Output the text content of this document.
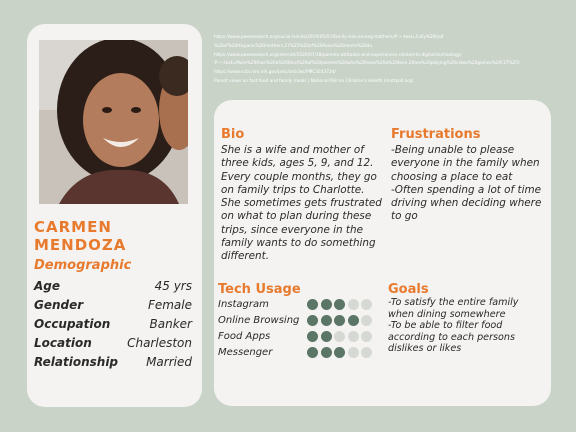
CARMEN MENDOZA
Demographic
Age	45 yrs
Gender	Female
Occupation	Banker
Location	Charleston
Relationship Married
https://www.pewresearch.org/social-trends/2019/05/07/family-size-among-mothers/#:~:text=Fully%20half
%20of%20Hispanic%20mothers,27%25%20of%20Asian%20moms%20do.
https://www.pewresearch.org/internet/2020/07/28/parents-attitudes-and-experiences-related-to-digital-technology/
#:~:text=More%20than%20a%20third%20of%20parents%20who%20have%20a%20teen,20are%20playing%20video%20games%20(37%25).
https://www.ncbi.nlm.nih.gov/pmc/articles/PMC3243724/
Parent views on fast food and family meals | National Poll on Children's Health (mottpoll.org)
Bio
She is a wife and mother of three kids, ages 5, 9, and 12. Every couple months, they go on family trips to Charlotte. She sometimes gets frustrated on what to plan during these trips, since everyone in the family wants to do something different.
Frustrations
-Being unable to please everyone in the family when choosing a place to eat
-Often spending a lot of time driving when deciding where to go
Tech Usage
Instagram
Online Browsing
Food Apps
Messenger
Goals
-To satisfy the entire family when dining somewhere
-To be able to filter food according to each persons dislikes or likes
